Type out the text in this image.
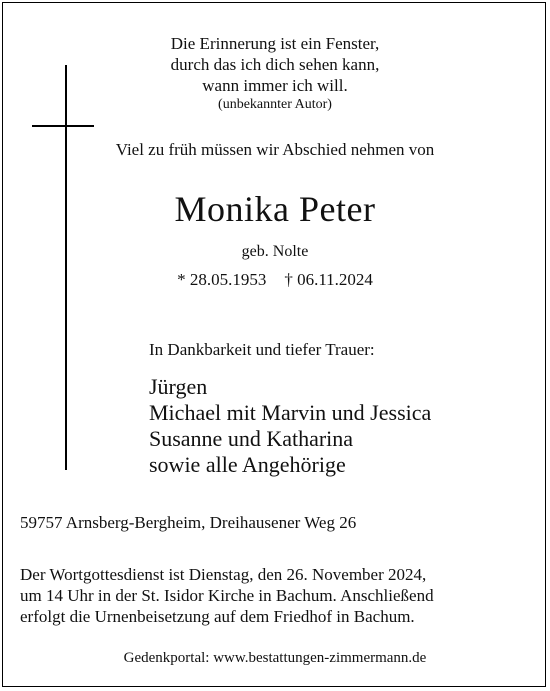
Die Erinnerung ist ein Fenster,
durch das ich dich sehen kann,
wann immer ich will.
(unbekannter Autor)
Viel zu früh müssen wir Abschied nehmen von
Monika Peter
geb. Nolte
* 28.05.1953 † 06.11.2024
In Dankbarkeit und tiefer Trauer:
Jürgen
Michael mit Marvin und Jessica
Susanne und Katharina
sowie alle Angehörige
59757 Arnsberg-Bergheim, Dreihausener Weg 26
Der Wortgottesdienst ist Dienstag, den 26. November 2024,
um 14 Uhr in der St. Isidor Kirche in Bachum. Anschließend
erfolgt die Urnenbeisetzung auf dem Friedhof in Bachum.
Gedenkportal: www.bestattungen-zimmermann.de
